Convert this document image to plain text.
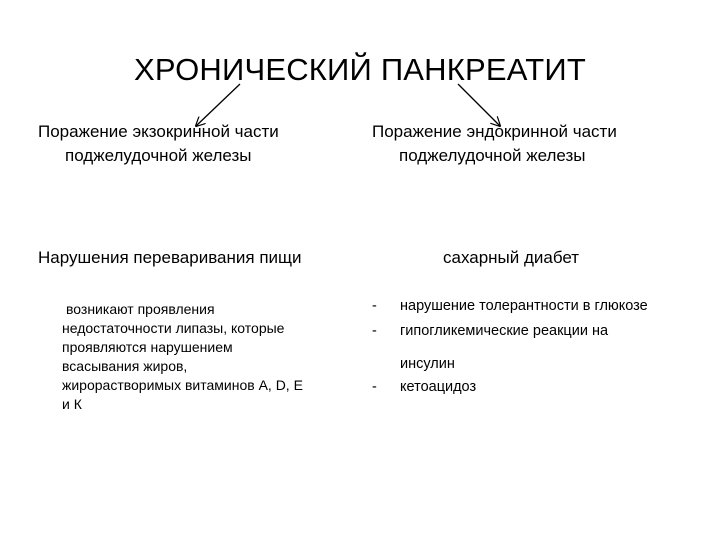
ХРОНИЧЕСКИЙ ПАНКРЕАТИТ
Поражение экзокринной части
поджелудочной железы
Поражение эндокринной части
поджелудочной железы
Нарушения переваривания пищи	сахарный диабет
возникают проявления
недостаточности липазы, которые
проявляются нарушением
всасывания жиров,
жирорастворимых витаминов А, D, Е
и К
- нарушение толерантности в глюкозе
- гипогликемические реакции на
инсулин
- кетоацидоз
